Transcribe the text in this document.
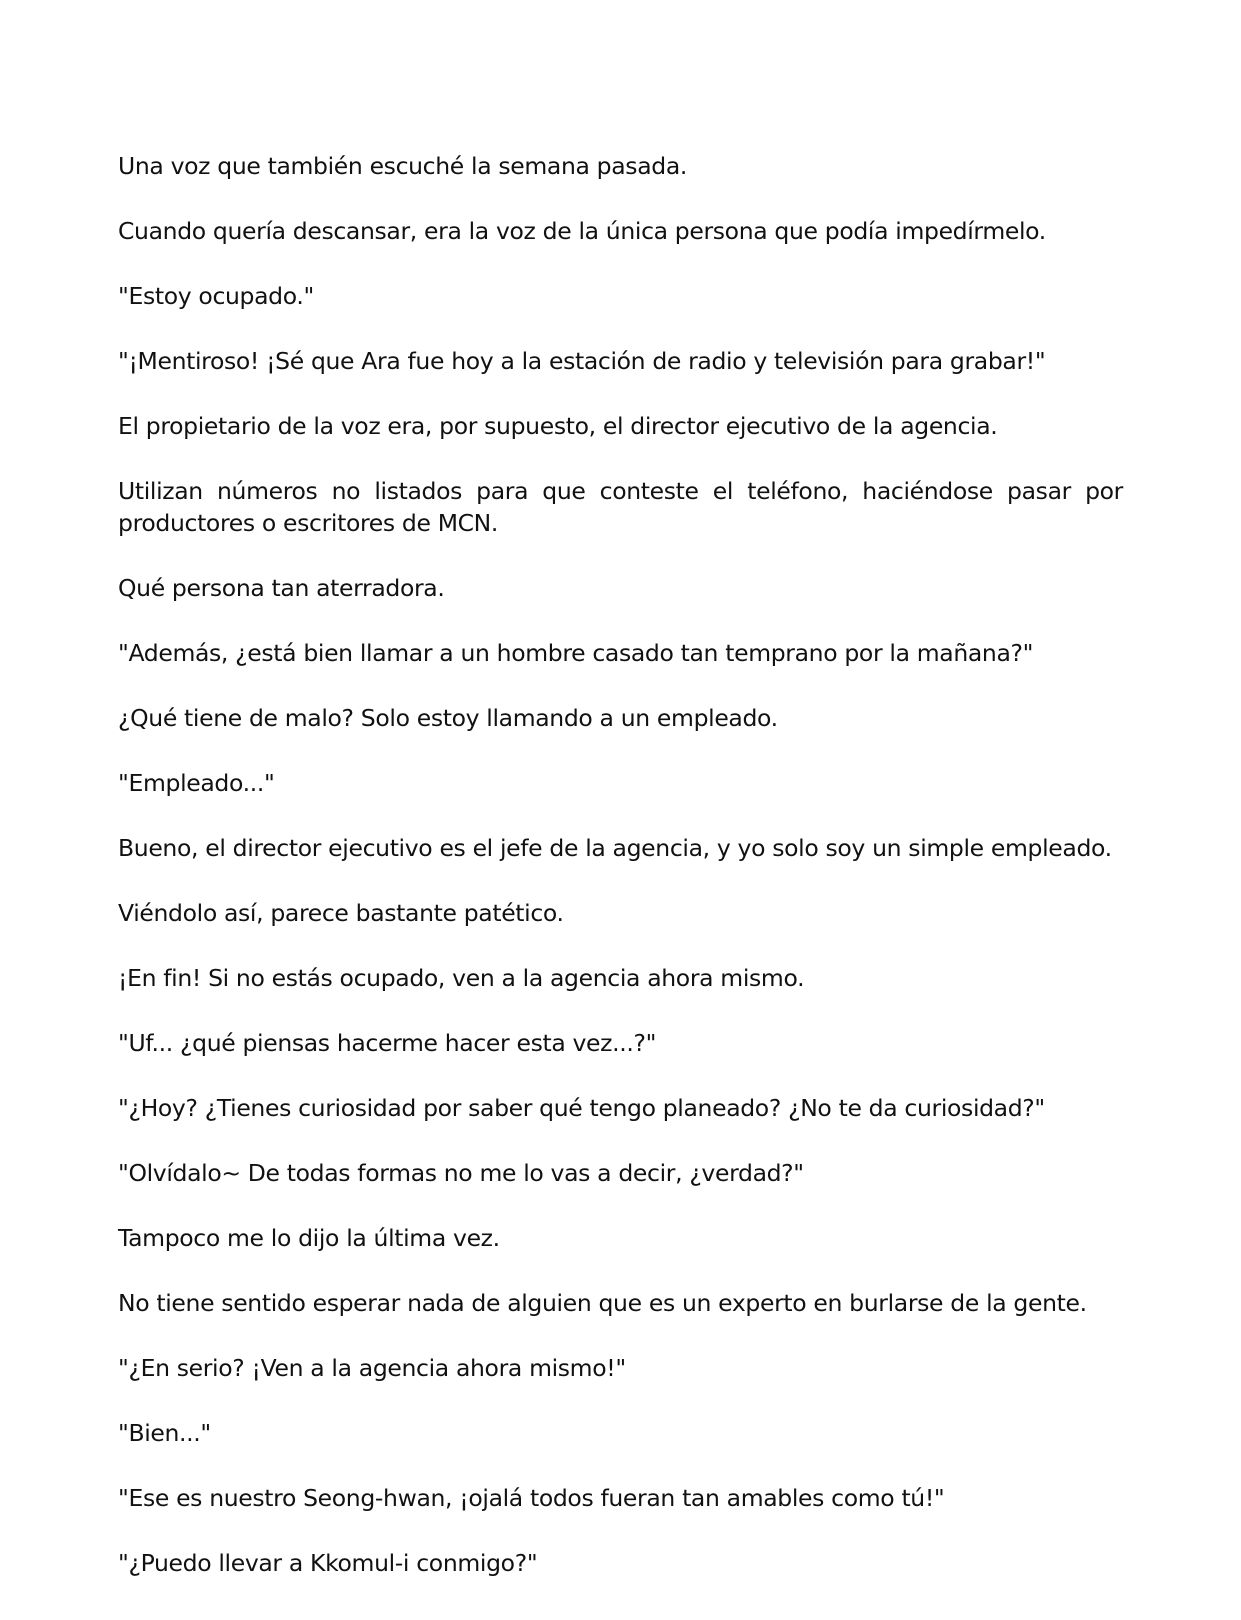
Una voz que también escuché la semana pasada.

Cuando quería descansar, era la voz de la única persona que podía impedírmelo.

"Estoy ocupado."

"¡Mentiroso! ¡Sé que Ara fue hoy a la estación de radio y televisión para grabar!"

El propietario de la voz era, por supuesto, el director ejecutivo de la agencia.

Utilizan números no listados para que conteste el teléfono, haciéndose pasar por productores o escritores de MCN.

Qué persona tan aterradora.

"Además, ¿está bien llamar a un hombre casado tan temprano por la mañana?"

¿Qué tiene de malo? Solo estoy llamando a un empleado.

"Empleado..."

Bueno, el director ejecutivo es el jefe de la agencia, y yo solo soy un simple empleado.

Viéndolo así, parece bastante patético.

¡En fin! Si no estás ocupado, ven a la agencia ahora mismo.

"Uf... ¿qué piensas hacerme hacer esta vez...?"

"¿Hoy? ¿Tienes curiosidad por saber qué tengo planeado? ¿No te da curiosidad?"

"Olvídalo~ De todas formas no me lo vas a decir, ¿verdad?"

Tampoco me lo dijo la última vez.

No tiene sentido esperar nada de alguien que es un experto en burlarse de la gente.

"¿En serio? ¡Ven a la agencia ahora mismo!"

"Bien..."

"Ese es nuestro Seong-hwan, ¡ojalá todos fueran tan amables como tú!"

"¿Puedo llevar a Kkomul-i conmigo?"
